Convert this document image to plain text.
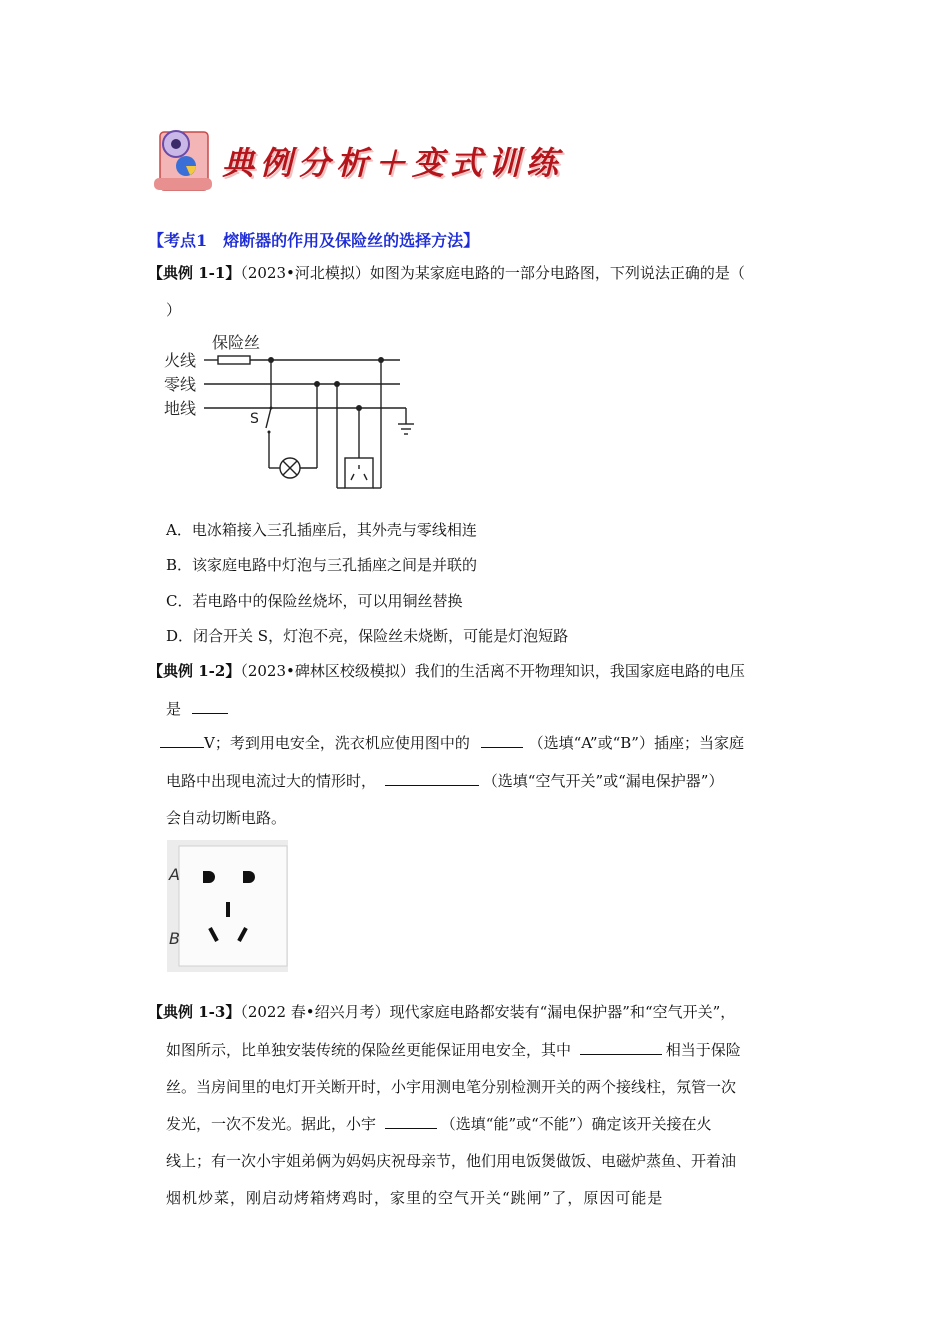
典例分析＋变式训练
【考点1　熔断器的作用及保险丝的选择方法】
【典例 1-1】（2023•河北模拟）如图为某家庭电路的一部分电路图，下列说法正确的是（
）
保险丝
火线
零线
地线
S
A．电冰箱接入三孔插座后，其外壳与零线相连
B．该家庭电路中灯泡与三孔插座之间是并联的
C．若电路中的保险丝烧坏，可以用铜丝替换
D．闭合开关 S，灯泡不亮，保险丝未烧断，可能是灯泡短路
【典例 1-2】（2023•碑林区校级模拟）我们的生活离不开物理知识，我国家庭电路的电压
是
V；考到用电安全，洗衣机应使用图中的	（选填“A”或“B”）插座；当家庭
电路中出现电流过大的情形时，	（选填“空气开关”或“漏电保护器”）
会自动切断电路。
A
B
【典例 1-3】（2022 春•绍兴月考）现代家庭电路都安装有“漏电保护器”和“空气开关”，
如图所示，比单独安装传统的保险丝更能保证用电安全，其中	相当于保险
丝。当房间里的电灯开关断开时，小宇用测电笔分别检测开关的两个接线柱，氖管一次
发光，一次不发光。据此，小宇	（选填“能”或“不能”）确定该开关接在火
线上；有一次小宇姐弟俩为妈妈庆祝母亲节，他们用电饭煲做饭、电磁炉蒸鱼、开着油
烟机炒菜，刚启动烤箱烤鸡时，家里的空气开关“跳闸”了，原因可能是
